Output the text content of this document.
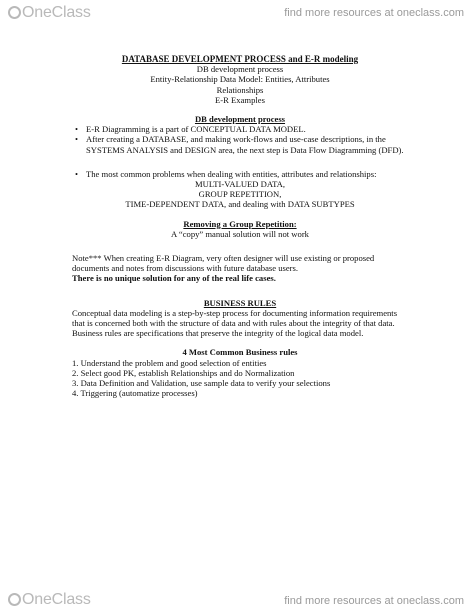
OneClass	find more resources at oneclass.com
DATABASE DEVELOPMENT PROCESS and E-R modeling
DB development process
Entity-Relationship Data Model: Entities, Attributes
Relationships
E-R Examples
DB development process
• E-R Diagramming is a part of CONCEPTUAL DATA MODEL.
• After creating a DATABASE, and making work-flows and use-case descriptions, in the SYSTEMS ANALYSIS and DESIGN area, the next step is Data Flow Diagramming (DFD).
• The most common problems when dealing with entities, attributes and relationships:
MULTI-VALUED DATA,
GROUP REPETITION,
TIME-DEPENDENT DATA, and dealing with DATA SUBTYPES
Removing a Group Repetition:
A “copy” manual solution will not work
Note*** When creating E-R Diagram, very often designer will use existing or proposed documents and notes from discussions with future database users.
There is no unique solution for any of the real life cases.
BUSINESS RULES
Conceptual data modeling is a step-by-step process for documenting information requirements that is concerned both with the structure of data and with rules about the integrity of that data. Business rules are specifications that preserve the integrity of the logical data model.
4 Most Common Business rules
1. Understand the problem and good selection of entities
2. Select good PK, establish Relationships and do Normalization
3. Data Definition and Validation, use sample data to verify your selections
4. Triggering (automatize processes)
OneClass	find more resources at oneclass.com
